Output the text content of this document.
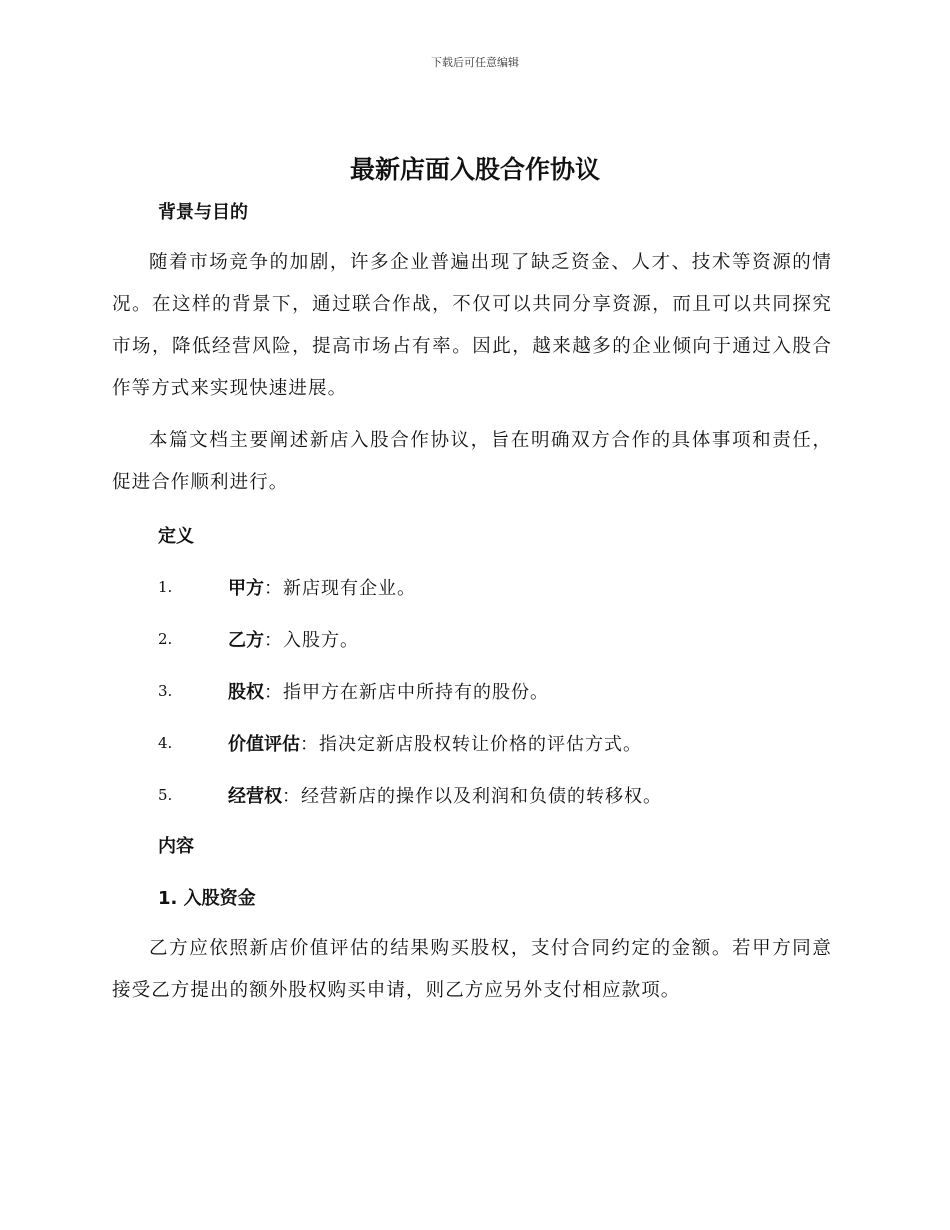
下载后可任意编辑
最新店面入股合作协议
背景与目的

随着市场竞争的加剧，许多企业普遍出现了缺乏资金、人才、技术等资源的情况。在这样的背景下，通过联合作战，不仅可以共同分享资源，而且可以共同探究市场，降低经营风险，提高市场占有率。因此，越来越多的企业倾向于通过入股合作等方式来实现快速进展。

本篇文档主要阐述新店入股合作协议，旨在明确双方合作的具体事项和责任，促进合作顺利进行。

定义
1.	甲方 ：新店现有企业。
2.	乙方 ：入股方。
3.	股权 ：指甲方在新店中所持有的股份。
4.	价值评估 ：指决定新店股权转让价格的评估方式。
5.	经营权 ：经营新店的操作以及利润和负债的转移权。
内容
1. 入股资金

乙方应依照新店价值评估的结果购买股权，支付合同约定的金额。若甲方同意接受乙方提出的额外股权购买申请，则乙方应另外支付相应款项。
